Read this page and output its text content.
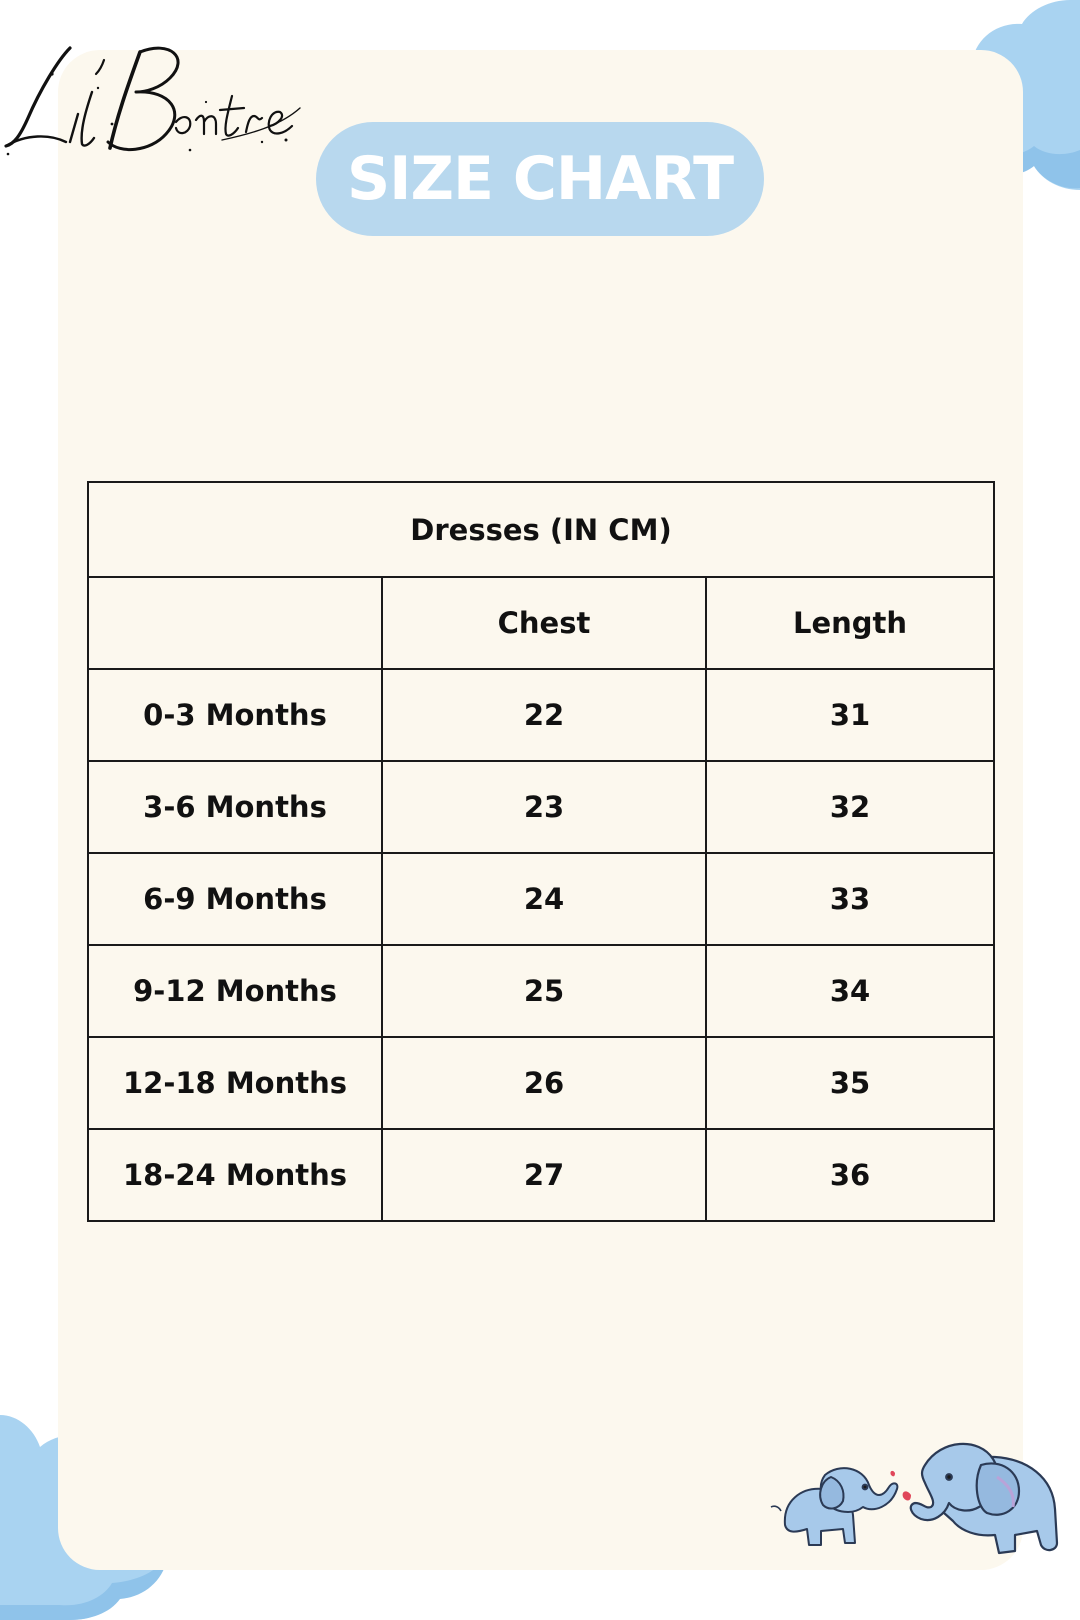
SIZE CHART
Dresses (IN CM)		
	Chest	Length
0-3 Months	22	31
3-6 Months	23	32
6-9 Months	24	33
9-12 Months	25	34
12-18 Months	26	35
18-24 Months	27	36
